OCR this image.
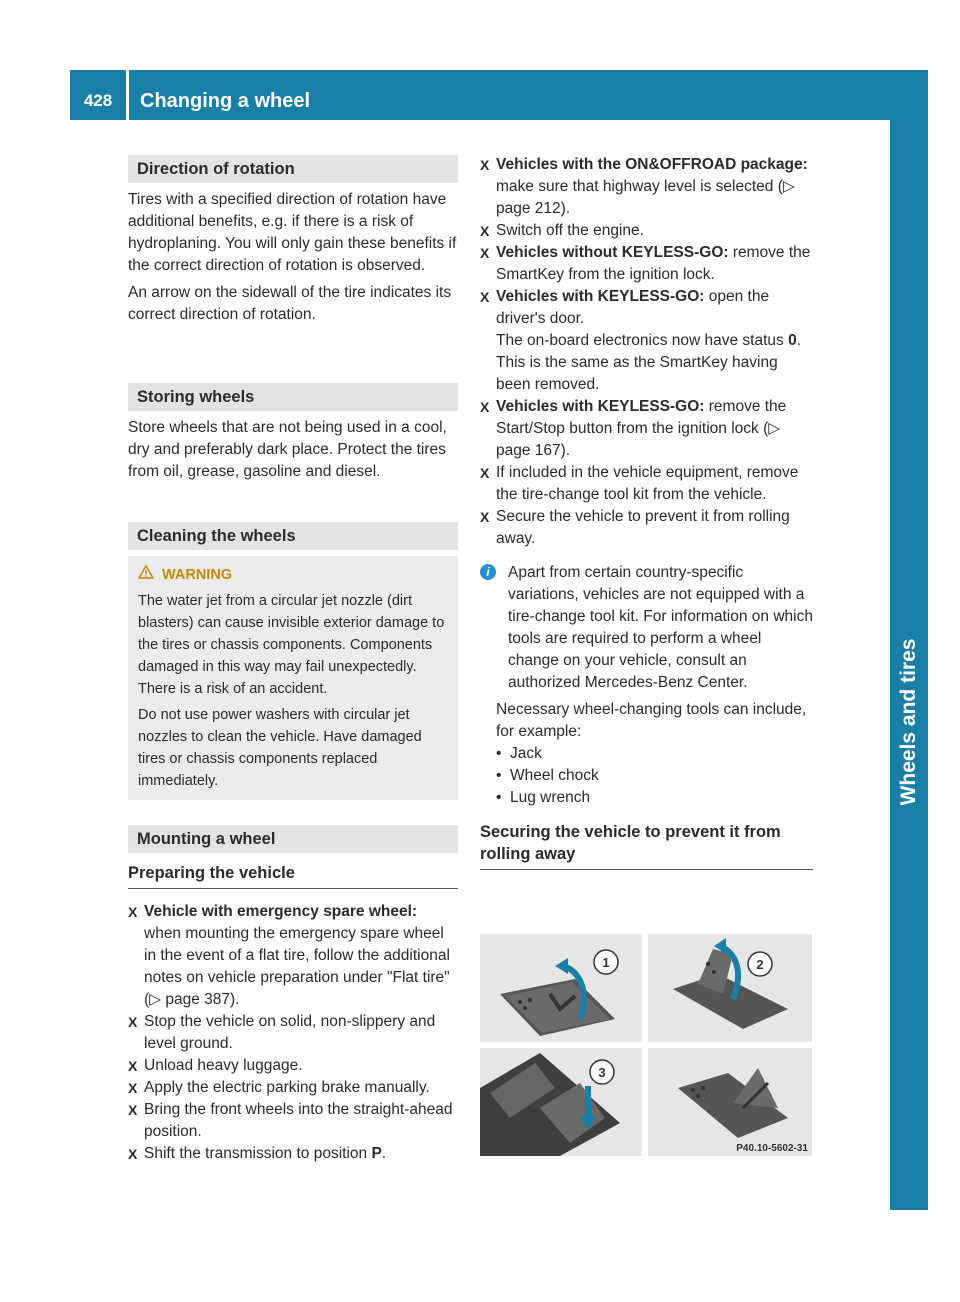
428	Changing a wheel
Wheels and tires
Direction of rotation

Tires with a specified direction of rotation have additional benefits, e.g. if there is a risk of hydroplaning. You will only gain these benefits if the correct direction of rotation is observed.

An arrow on the sidewall of the tire indicates its correct direction of rotation.

Storing wheels

Store wheels that are not being used in a cool, dry and preferably dark place. Protect the tires from oil, grease, gasoline and diesel.

Cleaning the wheels
WARNING

The water jet from a circular jet nozzle (dirt blasters) can cause invisible exterior damage to the tires or chassis components. Components damaged in this way may fail unexpectedly. There is a risk of an accident.

Do not use power washers with circular jet nozzles to clean the vehicle. Have damaged tires or chassis components replaced immediately.

Mounting a wheel
Preparing the vehicle

X Vehicle with emergency spare wheel: when mounting the emergency spare wheel in the event of a flat tire, follow the additional notes on vehicle preparation under "Flat tire" (▷ page 387).

X Stop the vehicle on solid, non-slippery and level ground.

X Unload heavy luggage.

X Apply the electric parking brake manually.

X Bring the front wheels into the straight-ahead position.

X Shift the transmission to position P.

X Vehicles with the ON&OFFROAD package: make sure that highway level is selected (▷ page 212).

X Switch off the engine.

X Vehicles without KEYLESS-GO: remove the SmartKey from the ignition lock.

X Vehicles with KEYLESS-GO: open the driver's door.
The on-board electronics now have status 0. This is the same as the SmartKey having been removed.

X Vehicles with KEYLESS-GO: remove the Start/Stop button from the ignition lock (▷ page 167).

X If included in the vehicle equipment, remove the tire-change tool kit from the vehicle.

X Secure the vehicle to prevent it from rolling away.

i	Apart from certain country-specific variations, vehicles are not equipped with a tire-change tool kit. For information on which tools are required to perform a wheel change on your vehicle, consult an authorized Mercedes-Benz Center.

Necessary wheel-changing tools can include, for example:

• Jack

• Wheel chock

• Lug wrench

Securing the vehicle to prevent it from rolling away
1	2
3
P40.10-5602-31
